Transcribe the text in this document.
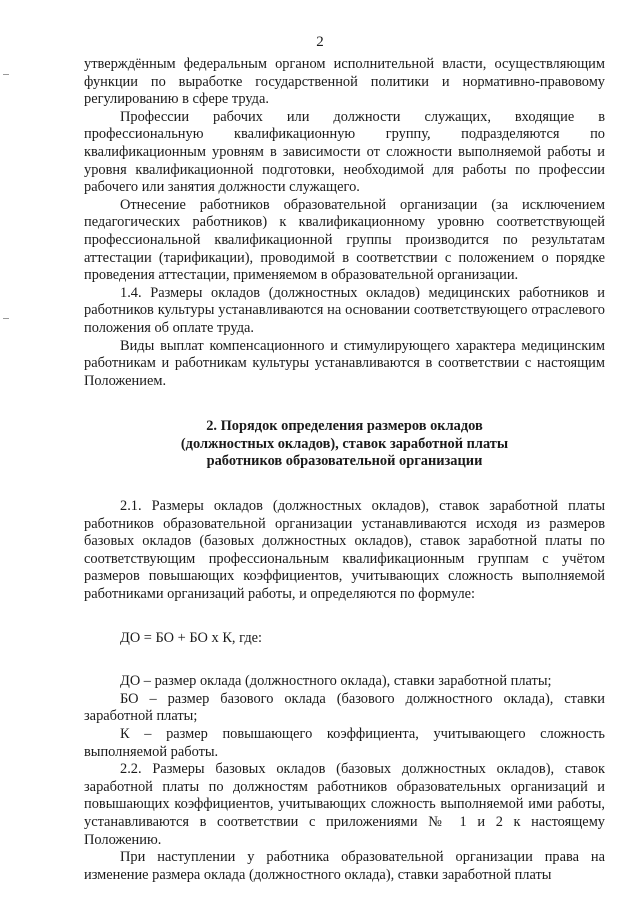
2

утверждённым федеральным органом исполнительной власти, осуществляющим функции по выработке государственной политики и нормативно-правовому регулированию в сфере труда.

Профессии рабочих или должности служащих, входящие в профессиональную квалификационную группу, подразделяются по квалификационным уровням в зависимости от сложности выполняемой работы и уровня квалификационной подготовки, необходимой для работы по профессии рабочего или занятия должности служащего.

Отнесение работников образовательной организации (за исключением педагогических работников) к квалификационному уровню соответствующей профессиональной квалификационной группы производится по результатам аттестации (тарификации), проводимой в соответствии с положением о порядке проведения аттестации, применяемом в образовательной организации.

1.4. Размеры окладов (должностных окладов) медицинских работников и работников культуры устанавливаются на основании соответствующего отраслевого положения об оплате труда.

Виды выплат компенсационного и стимулирующего характера медицинским работникам и работникам культуры устанавливаются в соответствии с настоящим Положением.

2. Порядок определения размеров окладов
(должностных окладов), ставок заработной платы
работников образовательной организации

2.1. Размеры окладов (должностных окладов), ставок заработной платы работников образовательной организации устанавливаются исходя из размеров базовых окладов (базовых должностных окладов), ставок заработной платы по соответствующим профессиональным квалификационным группам с учётом размеров повышающих коэффициентов, учитывающих сложность выполняемой работниками организаций работы, и определяются по формуле:

ДО = БО + БО х К, где:

ДО – размер оклада (должностного оклада), ставки заработной платы;

БО – размер базового оклада (базового должностного оклада), ставки заработной платы;

К – размер повышающего коэффициента, учитывающего сложность выполняемой работы.

2.2. Размеры базовых окладов (базовых должностных окладов), ставок заработной платы по должностям работников образовательных организаций и повышающих коэффициентов, учитывающих сложность выполняемой ими работы, устанавливаются в соответствии с приложениями № 1 и 2 к настоящему Положению.

При наступлении у работника образовательной организации права на изменение размера оклада (должностного оклада), ставки заработной платы
